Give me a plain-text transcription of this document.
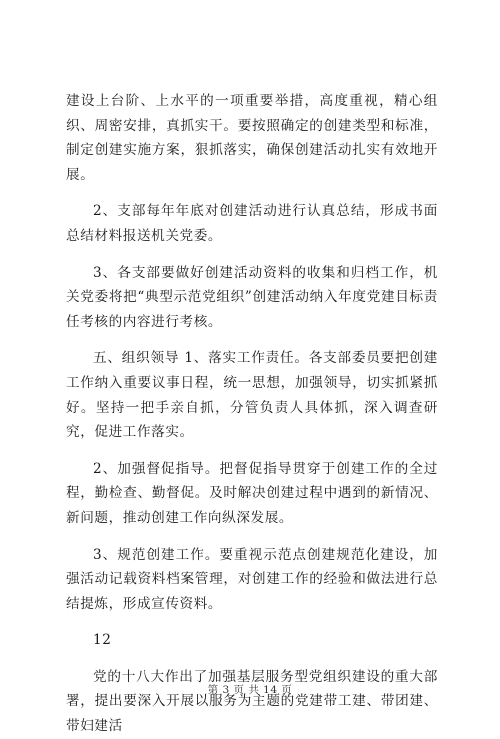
建设上台阶、上水平的一项重要举措，高度重视，精心组织、周密安排，真抓实干。要按照确定的创建类型和标准，制定创建实施方案，狠抓落实，确保创建活动扎实有效地开展。

2、支部每年年底对创建活动进行认真总结，形成书面总结材料报送机关党委。

3、各支部要做好创建活动资料的收集和归档工作，机关党委将把“典型示范党组织”创建活动纳入年度党建目标责任考核的内容进行考核。

五、组织领导 1、落实工作责任。各支部委员要把创建工作纳入重要议事日程，统一思想，加强领导，切实抓紧抓好。坚持一把手亲自抓，分管负责人具体抓，深入调查研究，促进工作落实。

2、加强督促指导。把督促指导贯穿于创建工作的全过程，勤检查、勤督促。及时解决创建过程中遇到的新情况、新问题，推动创建工作向纵深发展。

3、规范创建工作。要重视示范点创建规范化建设，加强活动记载资料档案管理，对创建工作的经验和做法进行总结提炼，形成宣传资料。

12

党的十八大作出了加强基层服务型党组织建设的重大部署，提出要深入开展以服务为主题的党建带工建、带团建、带妇建活

第 3 页 共 14 页
